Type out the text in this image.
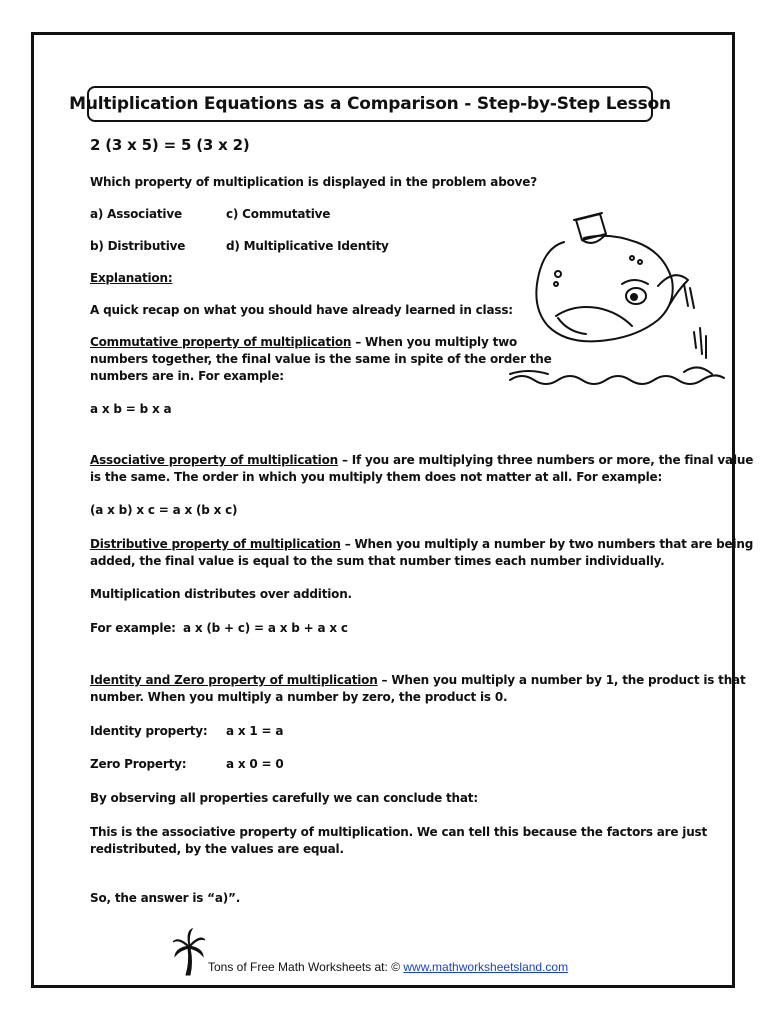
Multiplication Equations as a Comparison - Step-by-Step Lesson
2 (3 x 5) = 5 (3 x 2)
Which property of multiplication is displayed in the problem above?
a) Associative	c) Commutative
b) Distributive	d) Multiplicative Identity
Explanation:
A quick recap on what you should have already learned in class:
Commutative property of multiplication – When you multiply two
numbers together, the final value is the same in spite of the order the
numbers are in. For example:
a x b = b x a
Associative property of multiplication – If you are multiplying three numbers or more, the final value
is the same. The order in which you multiply them does not matter at all. For example:
(a x b) x c = a x (b x c)
Distributive property of multiplication – When you multiply a number by two numbers that are being
added, the final value is equal to the sum that number times each number individually.
Multiplication distributes over addition.
For example: a x (b + c) = a x b + a x c
Identity and Zero property of multiplication – When you multiply a number by 1, the product is that
number. When you multiply a number by zero, the product is 0.
Identity property: a x 1 = a
Zero Property:	a x 0 = 0
By observing all properties carefully we can conclude that:
This is the associative property of multiplication. We can tell this because the factors are just
redistributed, by the values are equal.
So, the answer is “a)”.
Tons of Free Math Worksheets at: © www.mathworksheetsland.com
